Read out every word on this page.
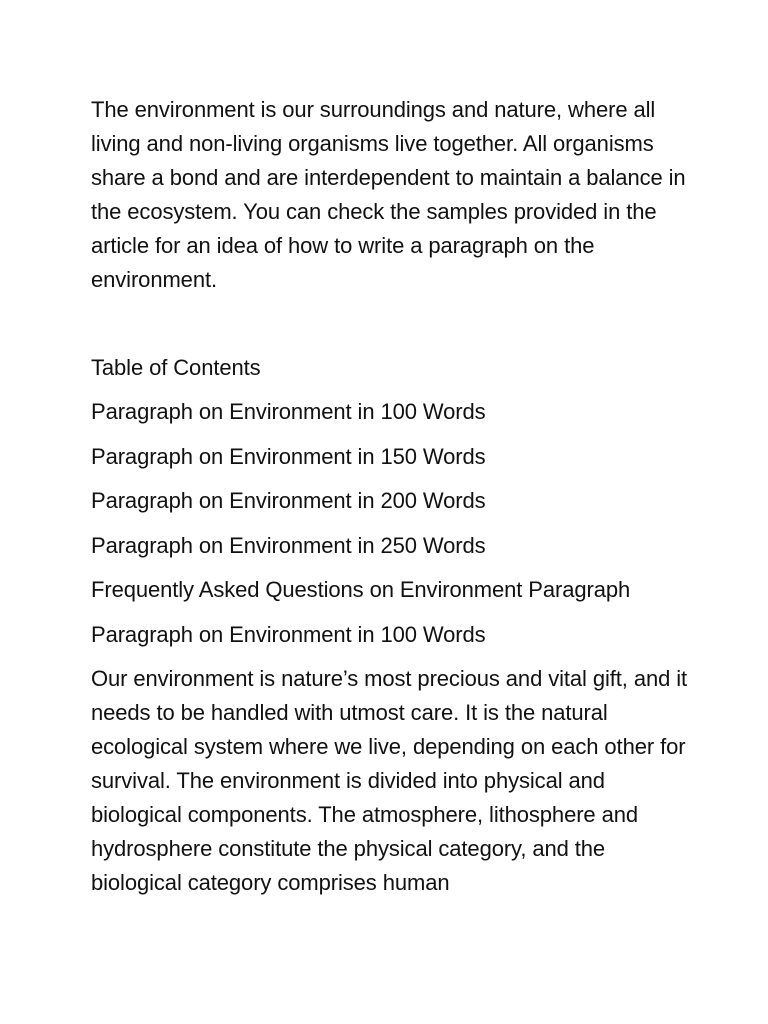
The environment is our surroundings and nature, where all living and non-living organisms live together. All organisms share a bond and are interdependent to maintain a balance in the ecosystem. You can check the samples provided in the article for an idea of how to write a paragraph on the environment.

Table of Contents

Paragraph on Environment in 100 Words
Paragraph on Environment in 150 Words
Paragraph on Environment in 200 Words
Paragraph on Environment in 250 Words
Frequently Asked Questions on Environment Paragraph

Paragraph on Environment in 100 Words

Our environment is nature’s most precious and vital gift, and it needs to be handled with utmost care. It is the natural ecological system where we live, depending on each other for survival. The environment is divided into physical and biological components. The atmosphere, lithosphere and hydrosphere constitute the physical category, and the biological category comprises human
